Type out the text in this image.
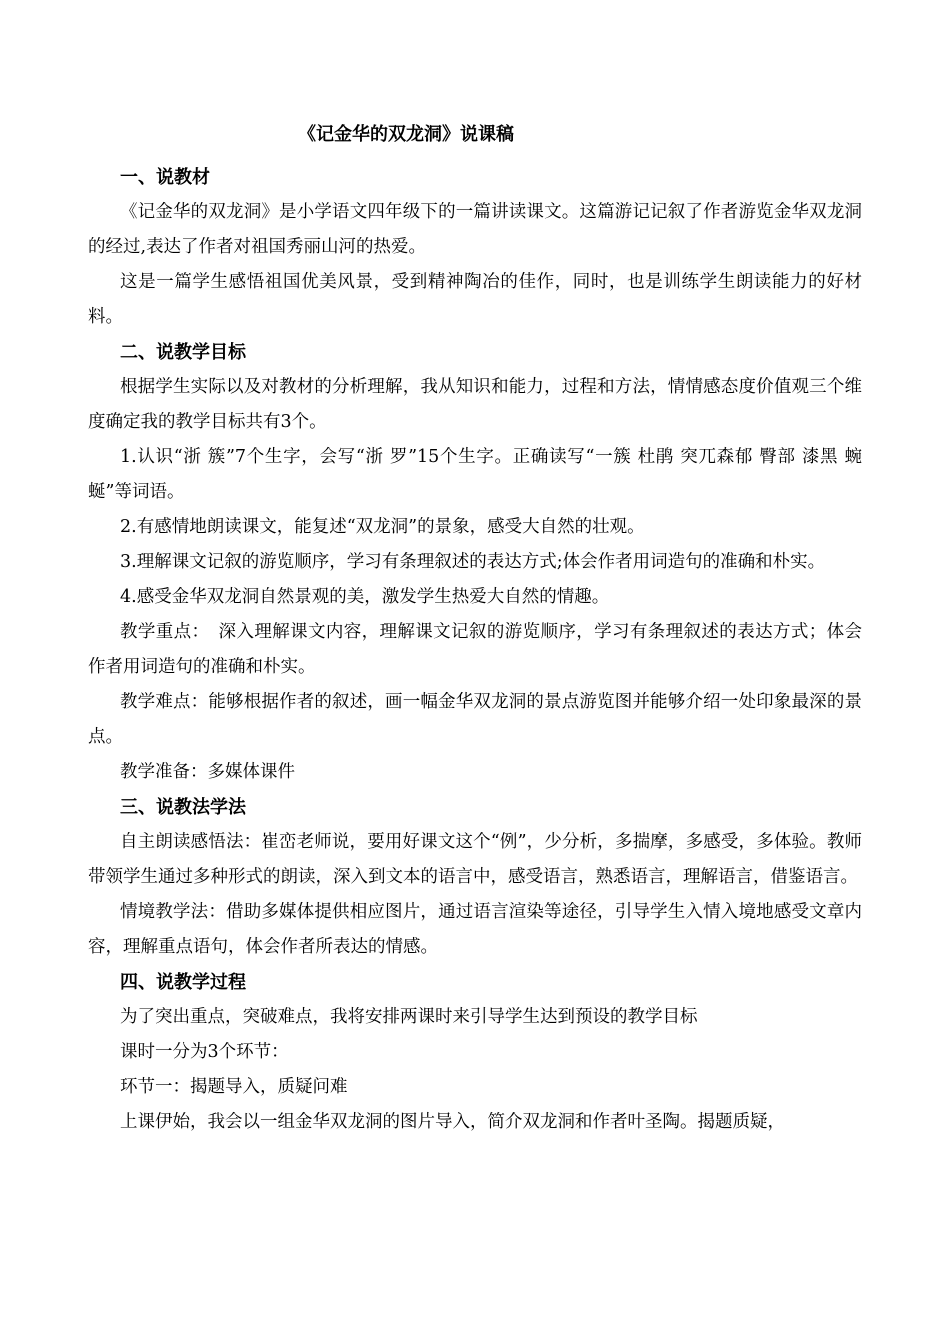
《记金华的双龙洞》说课稿

一、说教材

《记金华的双龙洞》是小学语文四年级下的一篇讲读课文。这篇游记记叙了作者游览金华双龙洞的经过,表达了作者对祖国秀丽山河的热爱。

这是一篇学生感悟祖国优美风景，受到精神陶冶的佳作，同时，也是训练学生朗读能力的好材料。

二、说教学目标

根据学生实际以及对教材的分析理解，我从知识和能力，过程和方法，情情感态度价值观三个维度确定我的教学目标共有3个。

1.认识“浙 簇”7个生字，会写“浙 罗”15个生字。正确读写“一簇 杜鹃 突兀森郁 臀部 漆黑 蜿蜒”等词语。

2.有感情地朗读课文，能复述“双龙洞”的景象，感受大自然的壮观。

3.理解课文记叙的游览顺序，学习有条理叙述的表达方式;体会作者用词造句的准确和朴实。

4.感受金华双龙洞自然景观的美，激发学生热爱大自然的情趣。

教学重点：　深入理解课文内容，理解课文记叙的游览顺序，学习有条理叙述的表达方式；体会作者用词造句的准确和朴实。

教学难点：能够根据作者的叙述，画一幅金华双龙洞的景点游览图并能够介绍一处印象最深的景点。

教学准备：多媒体课件

三、说教法学法

自主朗读感悟法：崔峦老师说，要用好课文这个“例”，少分析，多揣摩，多感受，多体验。教师带领学生通过多种形式的朗读，深入到文本的语言中，感受语言，熟悉语言，理解语言，借鉴语言。

情境教学法：借助多媒体提供相应图片，通过语言渲染等途径，引导学生入情入境地感受文章内容，理解重点语句，体会作者所表达的情感。

四、说教学过程

为了突出重点，突破难点，我将安排两课时来引导学生达到预设的教学目标

课时一分为3个环节：

环节一：揭题导入，质疑问难

上课伊始，我会以一组金华双龙洞的图片导入，简介双龙洞和作者叶圣陶。揭题质疑，
